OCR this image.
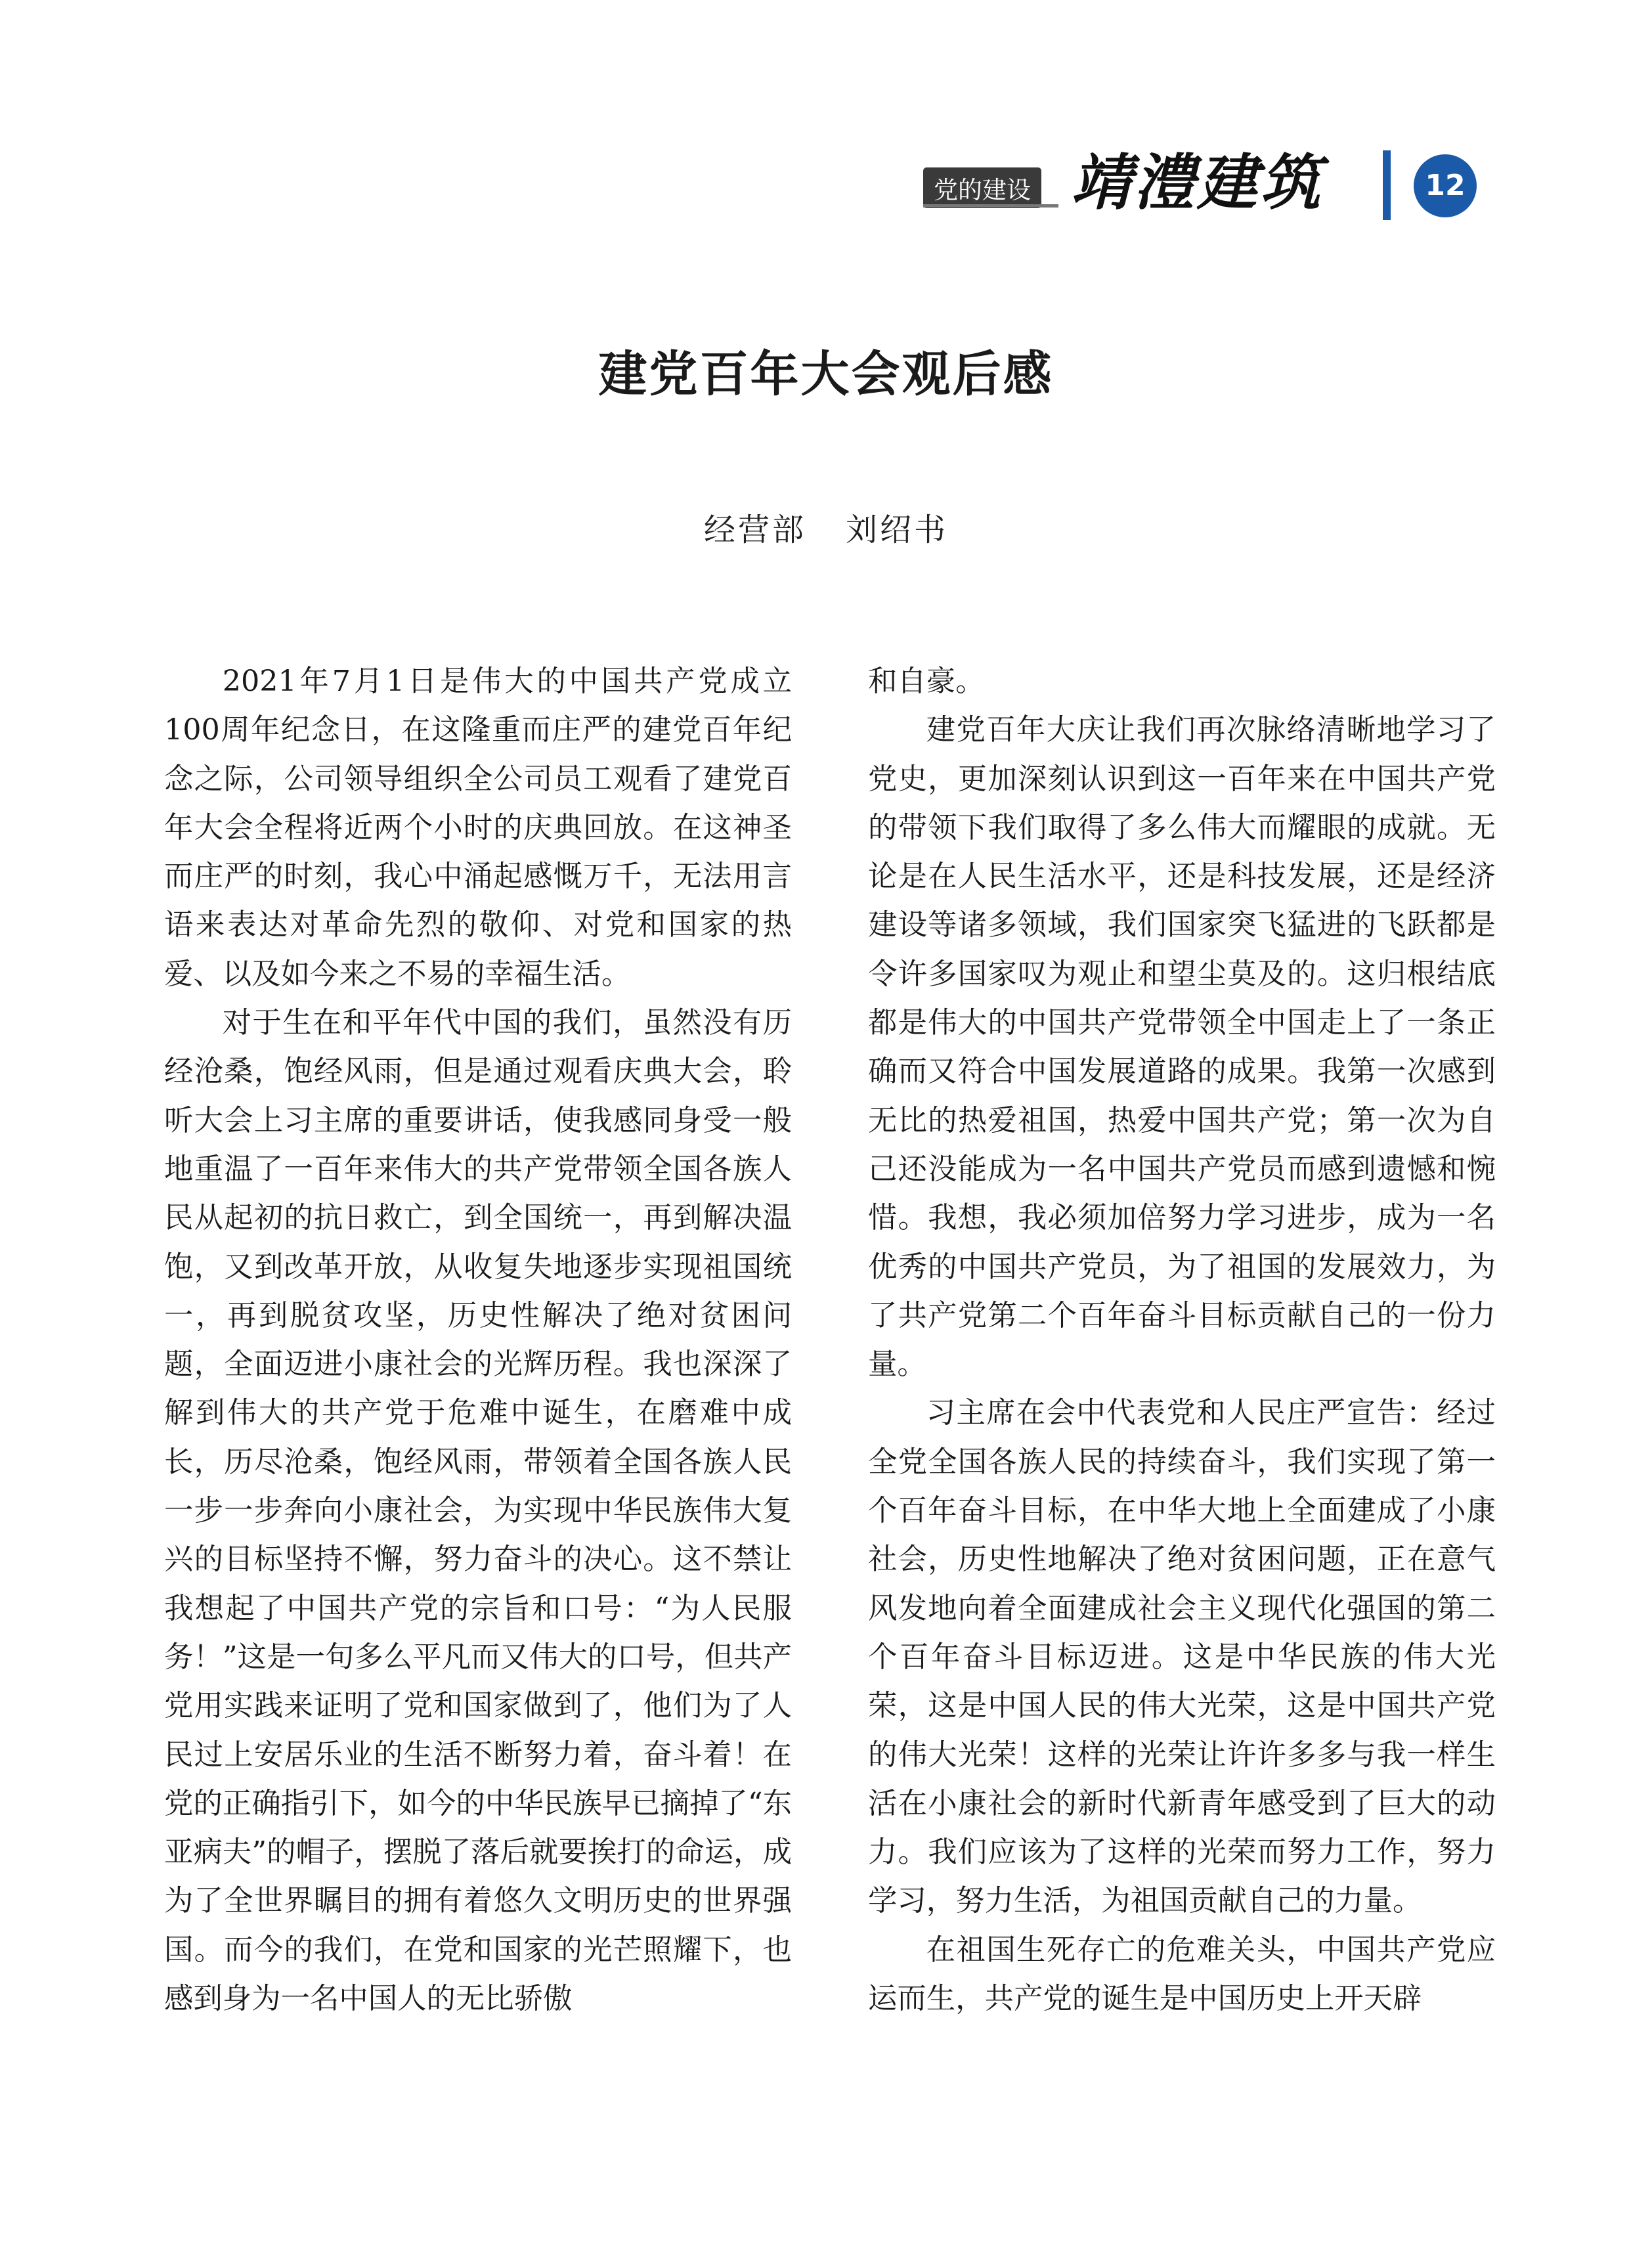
党的建设 靖澧建筑	12
建党百年大会观后感
经营部 刘绍书

2021年7月1日是伟大的中国共产党成立100周年纪念日，在这隆重而庄严的建党百年纪念之际，公司领导组织全公司员工观看了建党百年大会全程将近两个小时的庆典回放。在这神圣而庄严的时刻，我心中涌起感慨万千，无法用言语来表达对革命先烈的敬仰、对党和国家的热爱、以及如今来之不易的幸福生活。

对于生在和平年代中国的我们，虽然没有历经沧桑，饱经风雨，但是通过观看庆典大会，聆听大会上习主席的重要讲话，使我感同身受一般地重温了一百年来伟大的共产党带领全国各族人民从起初的抗日救亡，到全国统一，再到解决温饱，又到改革开放，从收复失地逐步实现祖国统一，再到脱贫攻坚，历史性解决了绝对贫困问题，全面迈进小康社会的光辉历程。我也深深了解到伟大的共产党于危难中诞生，在磨难中成长，历尽沧桑，饱经风雨，带领着全国各族人民一步一步奔向小康社会，为实现中华民族伟大复兴的目标坚持不懈，努力奋斗的决心。这不禁让我想起了中国共产党的宗旨和口号：“为人民服务！”这是一句多么平凡而又伟大的口号，但共产党用实践来证明了党和国家做到了，他们为了人民过上安居乐业的生活不断努力着，奋斗着！在党的正确指引下，如今的中华民族早已摘掉了“东亚病夫”的帽子，摆脱了落后就要挨打的命运，成为了全世界瞩目的拥有着悠久文明历史的世界强国。而今的我们，在党和国家的光芒照耀下，也感到身为一名中国人的无比骄傲

和自豪。

建党百年大庆让我们再次脉络清晰地学习了党史，更加深刻认识到这一百年来在中国共产党的带领下我们取得了多么伟大而耀眼的成就。无论是在人民生活水平，还是科技发展，还是经济建设等诸多领域，我们国家突飞猛进的飞跃都是令许多国家叹为观止和望尘莫及的。这归根结底都是伟大的中国共产党带领全中国走上了一条正确而又符合中国发展道路的成果。我第一次感到无比的热爱祖国，热爱中国共产党；第一次为自己还没能成为一名中国共产党员而感到遗憾和惋惜。我想，我必须加倍努力学习进步，成为一名优秀的中国共产党员，为了祖国的发展效力，为了共产党第二个百年奋斗目标贡献自己的一份力量。

习主席在会中代表党和人民庄严宣告：经过全党全国各族人民的持续奋斗，我们实现了第一个百年奋斗目标，在中华大地上全面建成了小康社会，历史性地解决了绝对贫困问题，正在意气风发地向着全面建成社会主义现代化强国的第二个百年奋斗目标迈进。这是中华民族的伟大光荣，这是中国人民的伟大光荣，这是中国共产党的伟大光荣！这样的光荣让许许多多与我一样生活在小康社会的新时代新青年感受到了巨大的动力。我们应该为了这样的光荣而努力工作，努力学习，努力生活，为祖国贡献自己的力量。

在祖国生死存亡的危难关头，中国共产党应运而生，共产党的诞生是中国历史上开天辟
